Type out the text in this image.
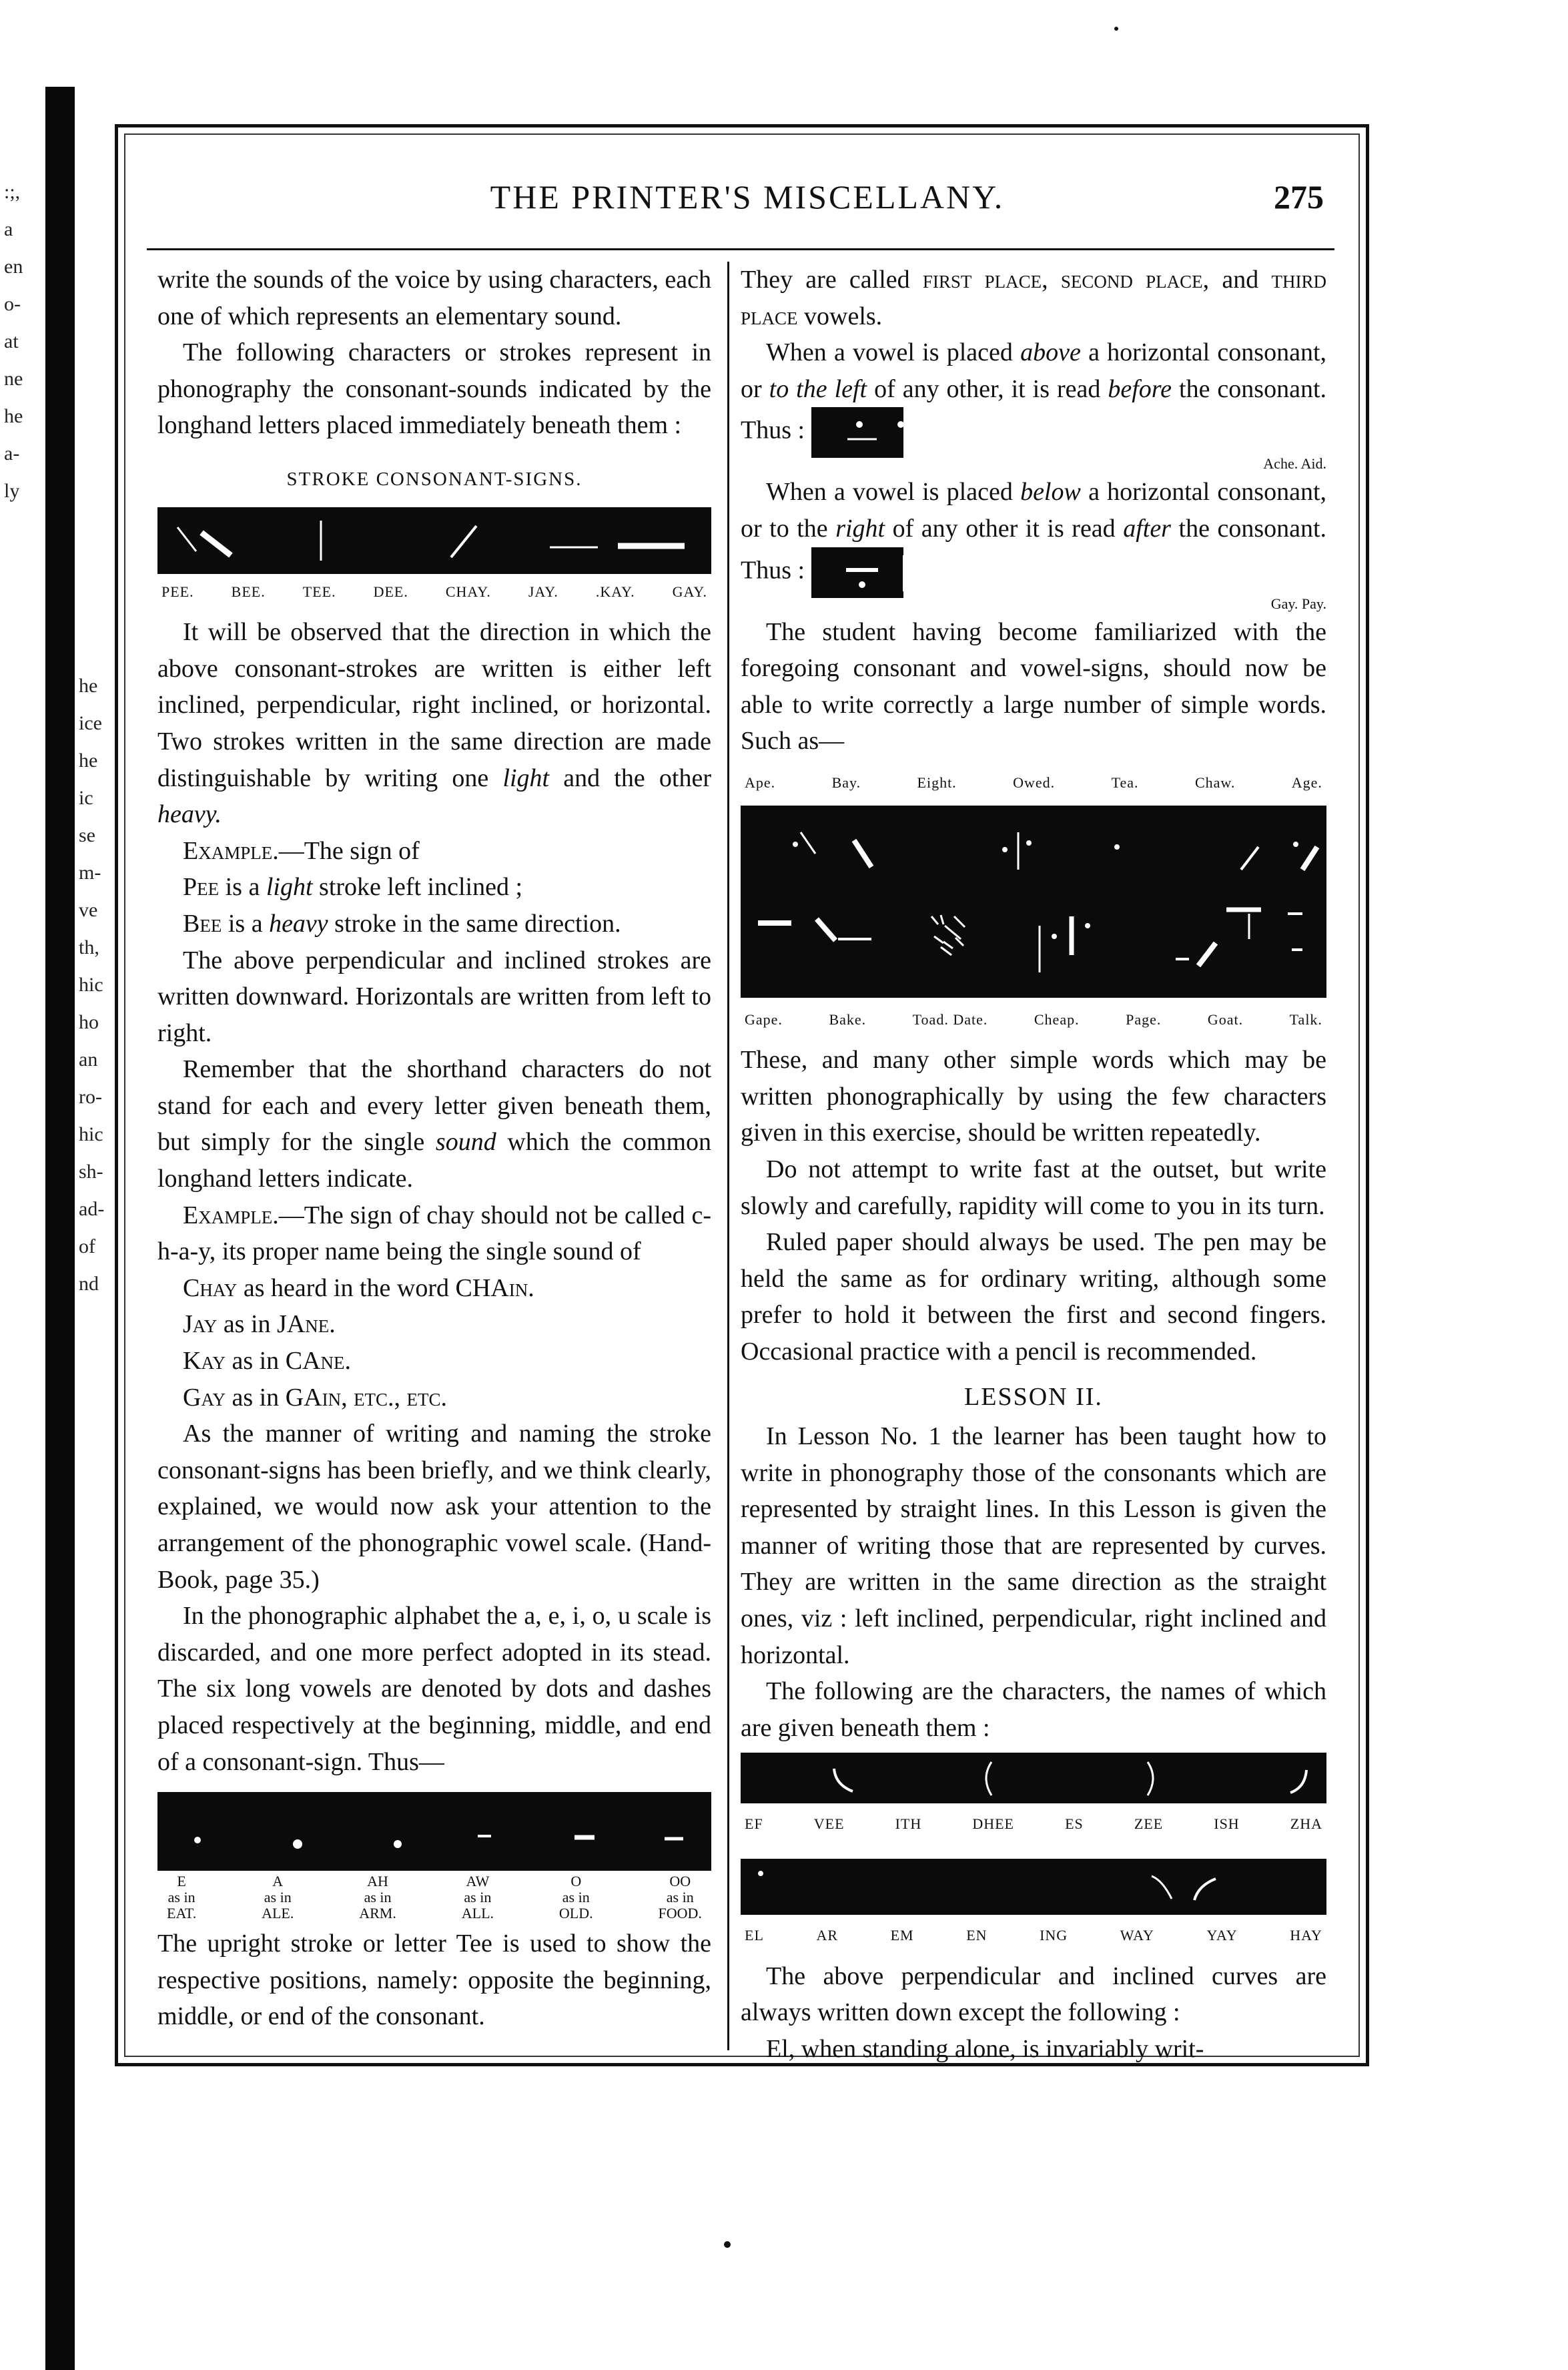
:;,
a
en
o-
at
ne
he
a-
ly
he
ice
he
ic
se
m-
ve
th,
hic
ho
an
ro-
hic
sh-
ad-
of
nd
THE PRINTER'S MISCELLANY.	275

write the sounds of the voice by using characters, each one of which represents an elementary sound.

The following characters or strokes represent in phonography the consonant-sounds indicated by the longhand letters placed immediately beneath them :

STROKE CONSONANT-SIGNS.
PEE.	BEE.	TEE.	DEE.	CHAY.	JAY.	.KAY.	GAY.

It will be observed that the direction in which the above consonant-strokes are written is either left inclined, perpendicular, right inclined, or horizontal. Two strokes written in the same direction are made distinguishable by writing one light and the other heavy.

Example.—The sign of

Pee is a light stroke left inclined ;

Bee is a heavy stroke in the same direction.

The above perpendicular and inclined strokes are written downward. Horizontals are written from left to right.

Remember that the shorthand characters do not stand for each and every letter given beneath them, but simply for the single sound which the common longhand letters indicate.

Example.—The sign of chay should not be called c-h-a-y, its proper name being the single sound of

Chay as heard in the word CHAin.

Jay as in JAne.

Kay as in CAne.

Gay as in GAin, etc., etc.

As the manner of writing and naming the stroke consonant-signs has been briefly, and we think clearly, explained, we would now ask your attention to the arrangement of the phonographic vowel scale. (Hand-Book, page 35.)

In the phonographic alphabet the a, e, i, o, u scale is discarded, and one more perfect adopted in its stead. The six long vowels are denoted by dots and dashes placed respectively at the beginning, middle, and end of a consonant-sign. Thus—

E
as in
EAT.
A
as in
ALE.
AH
as in
ARM.
AW
as in
ALL.
O
as in
OLD.
OO
as in
FOOD.

The upright stroke or letter Tee is used to show the respective positions, namely: opposite the beginning, middle, or end of the consonant.

They are called first place, second place, and third place vowels.

When a vowel is placed above a horizontal consonant, or to the left of any other, it is read before the consonant. Thus :

Ache. Aid.

When a vowel is placed below a horizontal consonant, or to the right of any other it is read after the consonant. Thus :

Gay. Pay.

The student having become familiarized with the foregoing consonant and vowel-signs, should now be able to write correctly a large number of simple words. Such as—

Ape.	Bay.	Eight.	Owed.	Tea.	Chaw.	Age.
Gape.	Bake.	Toad. Date.	Cheap.	Page.	Goat.	Talk.

These, and many other simple words which may be written phonographically by using the few characters given in this exercise, should be written repeatedly.

Do not attempt to write fast at the outset, but write slowly and carefully, rapidity will come to you in its turn.

Ruled paper should always be used. The pen may be held the same as for ordinary writing, although some prefer to hold it between the first and second fingers. Occasional practice with a pencil is recommended.

LESSON II.

In Lesson No. 1 the learner has been taught how to write in phonography those of the consonants which are represented by straight lines. In this Lesson is given the manner of writing those that are represented by curves. They are written in the same direction as the straight ones, viz : left inclined, perpendicular, right inclined and horizontal.

The following are the characters, the names of which are given beneath them :

EF	VEE	ITH	DHEE	ES	ZEE	ISH	ZHA
EL	AR	EM	EN	ING	WAY	YAY	HAY

The above perpendicular and inclined curves are always written down except the following :

El, when standing alone, is invariably writ-
